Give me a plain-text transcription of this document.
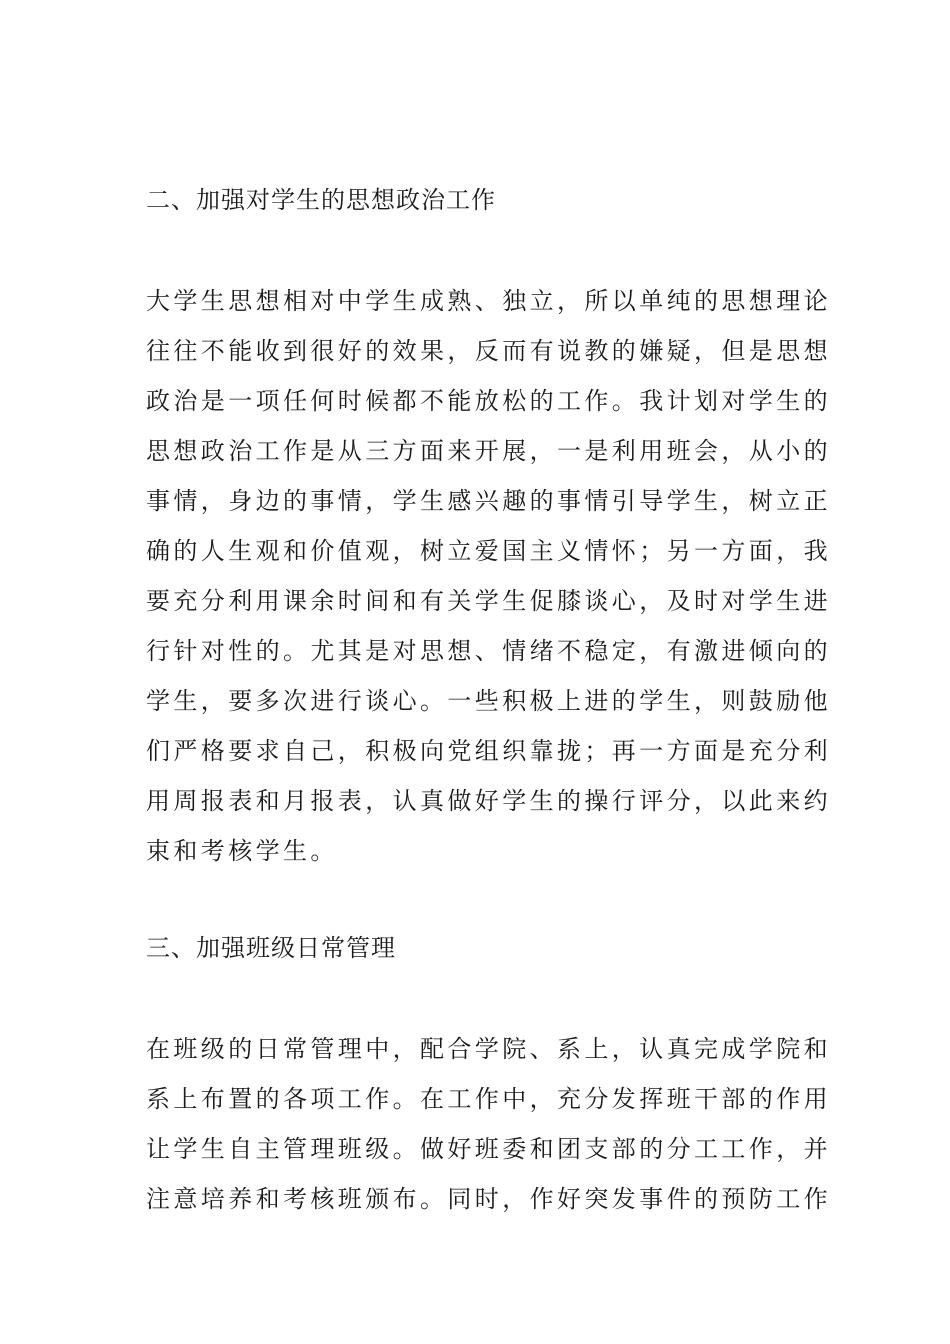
二、加强对学生的思想政治工作
大学生思想相对中学生成熟、独立，所以单纯的思想理论
往往不能收到很好的效果，反而有说教的嫌疑，但是思想
政治是一项任何时候都不能放松的工作。我计划对学生的
思想政治工作是从三方面来开展，一是利用班会，从小的
事情，身边的事情，学生感兴趣的事情引导学生，树立正
确的人生观和价值观，树立爱国主义情怀；另一方面，我
要充分利用课余时间和有关学生促膝谈心，及时对学生进
行针对性的。尤其是对思想、情绪不稳定，有激进倾向的
学生，要多次进行谈心。一些积极上进的学生，则鼓励他
们严格要求自己，积极向党组织靠拢；再一方面是充分利
用周报表和月报表，认真做好学生的操行评分，以此来约
束和考核学生。
三、加强班级日常管理
在班级的日常管理中，配合学院、系上，认真完成学院和
系上布置的各项工作。在工作中，充分发挥班干部的作用
让学生自主管理班级。做好班委和团支部的分工工作，并
注意培养和考核班颁布。同时，作好突发事件的预防工作
